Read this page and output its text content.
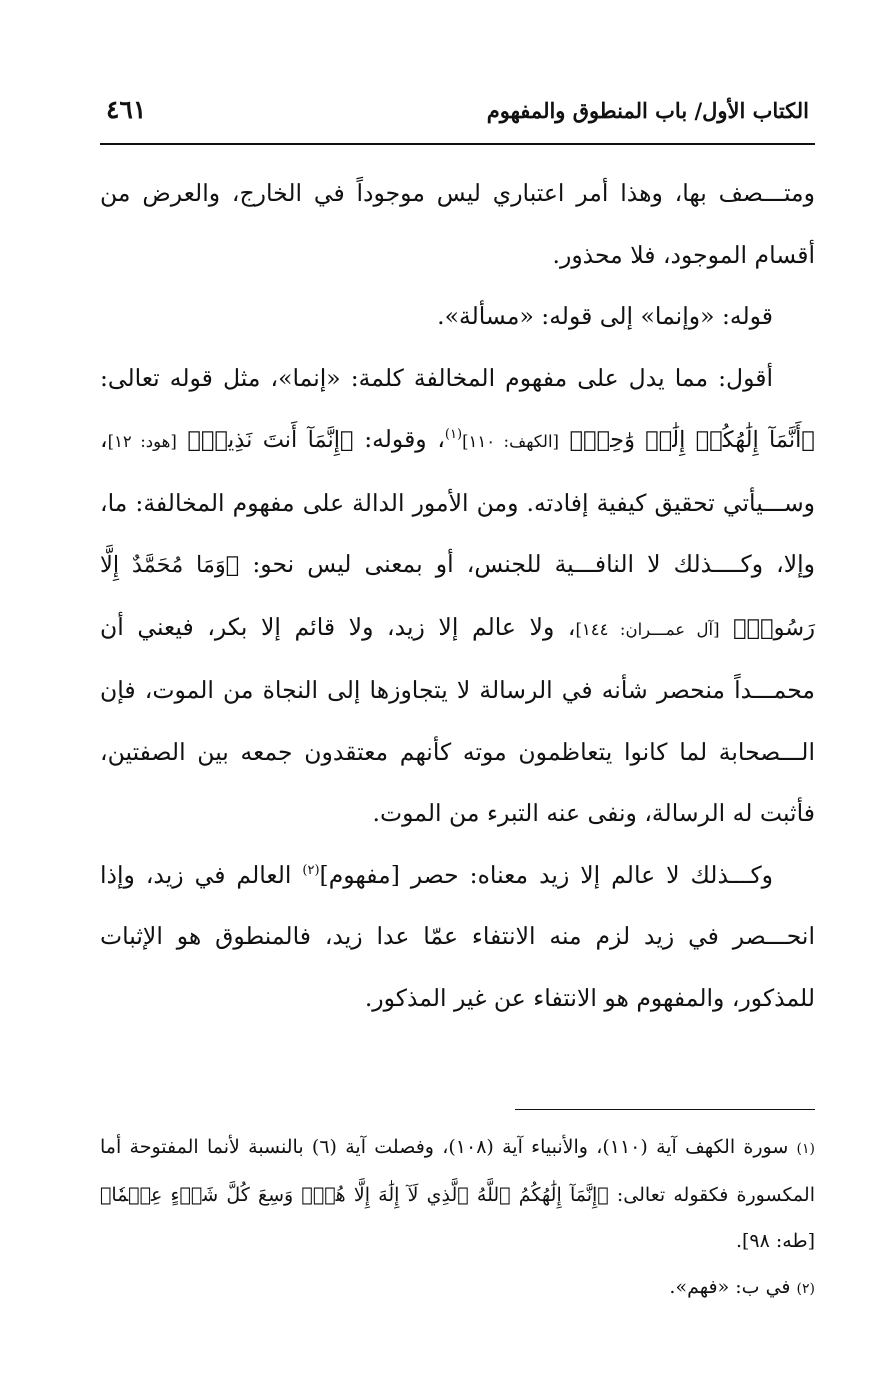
الكتاب الأول/ باب المنطوق والمفهوم
٤٦١

ومتـــصف بها، وهذا أمر اعتباري ليس موجوداً في الخارج، والعرض من أقسام الموجود، فلا محذور.

قوله: «وإنما» إلى قوله: «مسألة».

أقول: مما يدل على مفهوم المخالفة كلمة: «إنما»، مثل قوله تعالى: ﴿أَنَّمَآ إِلَٰهُكُمۡ إِلَٰهٞ وَٰحِدٞ﴾ [الكهف: ١١٠]$^{(١)}$، وقوله: ﴿إِنَّمَآ أَنتَ نَذِيرٞ﴾ [هود: ١٢]، وســـيأتي تحقيق كيفية إفادته. ومن الأمور الدالة على مفهوم المخالفة: ما، وإلا، وكــــذلك لا النافـــية للجنس، أو بمعنى ليس نحو: ﴿وَمَا مُحَمَّدٌ إِلَّا رَسُولٞ﴾ [آل عمـــران: ١٤٤]، ولا عالم إلا زيد، ولا قائم إلا بكر، فيعني أن محمـــداً منحصر شأنه في الرسالة لا يتجاوزها إلى النجاة من الموت، فإن الـــصحابة لما كانوا يتعاظمون موته كأنهم معتقدون جمعه بين الصفتين، فأثبت له الرسالة، ونفى عنه التبرء من الموت.

وكـــذلك لا عالم إلا زيد معناه: حصر [مفهوم]$^{(٢)}$ العالم في زيد، وإذا انحـــصر في زيد لزم منه الانتفاء عمّا عدا زيد، فالمنطوق هو الإثبات للمذكور، والمفهوم هو الانتفاء عن غير المذكور.

(١) سورة الكهف آية (١١٠)، والأنبياء آية (١٠٨)، وفصلت آية (٦) بالنسبة لأنما المفتوحة أما المكسورة فكقوله تعالى: ﴿إِنَّمَآ إِلَٰهُكُمُ ٱللَّهُ ٱلَّذِي لَآ إِلَٰهَ إِلَّا هُوَۚ وَسِعَ كُلَّ شَيۡءٍ عِلۡمٗا﴾ [طه: ٩٨].

(٢) في ب: «فهم».
